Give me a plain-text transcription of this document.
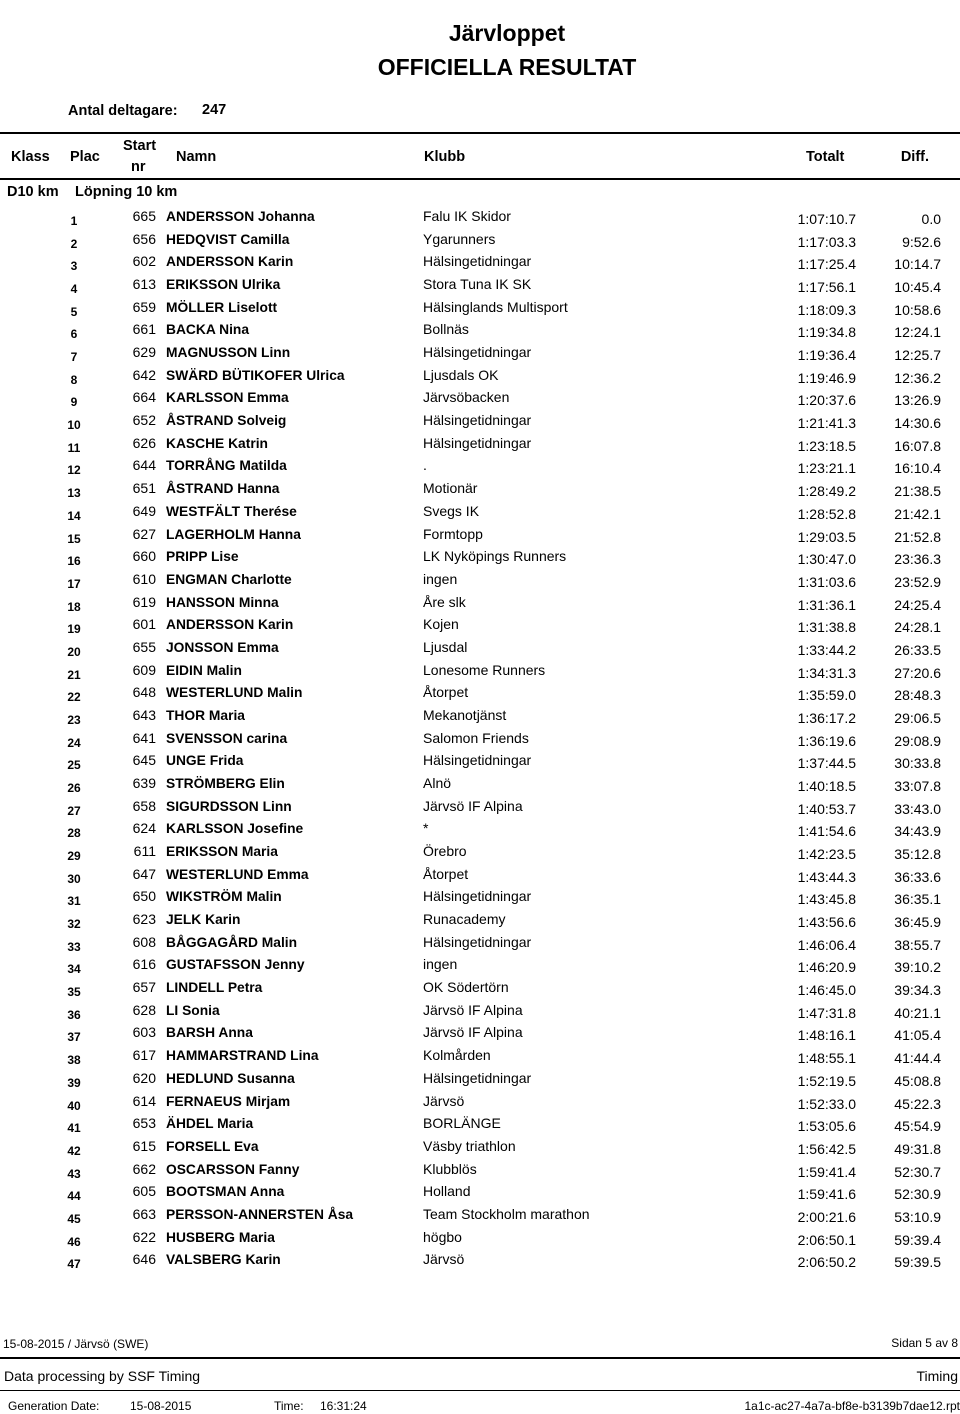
Järvloppet
OFFICIELLA RESULTAT
Antal deltagare: 247
Klass Plac
Start
nr
Namn	Klubb	Totalt	Diff.
D10 km Löpning 10 km
1	665 ANDERSSON Johanna	Falu IK Skidor	1:07:10.7	0.0
2	656 HEDQVIST Camilla	Ygarunners	1:17:03.3	9:52.6
3	602 ANDERSSON Karin	Hälsingetidningar	1:17:25.4	10:14.7
4	613 ERIKSSON Ulrika	Stora Tuna IK SK	1:17:56.1	10:45.4
5	659 MÖLLER Liselott	Hälsinglands Multisport	1:18:09.3	10:58.6
6	661 BACKA Nina	Bollnäs	1:19:34.8	12:24.1
7	629 MAGNUSSON Linn	Hälsingetidningar	1:19:36.4	12:25.7
8	642 SWÄRD BÜTIKOFER Ulrica	Ljusdals OK	1:19:46.9	12:36.2
9	664 KARLSSON Emma	Järvsöbacken	1:20:37.6	13:26.9
10	652 ÅSTRAND Solveig	Hälsingetidningar	1:21:41.3	14:30.6
11	626 KASCHE Katrin	Hälsingetidningar	1:23:18.5	16:07.8
12	644 TORRÅNG Matilda	.	1:23:21.1	16:10.4
13	651 ÅSTRAND Hanna	Motionär	1:28:49.2	21:38.5
14	649 WESTFÄLT Therése	Svegs IK	1:28:52.8	21:42.1
15	627 LAGERHOLM Hanna	Formtopp	1:29:03.5	21:52.8
16	660 PRIPP Lise	LK Nyköpings Runners	1:30:47.0	23:36.3
17	610 ENGMAN Charlotte	ingen	1:31:03.6	23:52.9
18	619 HANSSON Minna	Åre slk	1:31:36.1	24:25.4
19	601 ANDERSSON Karin	Kojen	1:31:38.8	24:28.1
20	655 JONSSON Emma	Ljusdal	1:33:44.2	26:33.5
21	609 EIDIN Malin	Lonesome Runners	1:34:31.3	27:20.6
22	648 WESTERLUND Malin	Åtorpet	1:35:59.0	28:48.3
23	643 THOR Maria	Mekanotjänst	1:36:17.2	29:06.5
24	641 SVENSSON carina	Salomon Friends	1:36:19.6	29:08.9
25	645 UNGE Frida	Hälsingetidningar	1:37:44.5	30:33.8
26	639 STRÖMBERG Elin	Alnö	1:40:18.5	33:07.8
27	658 SIGURDSSON Linn	Järvsö IF Alpina	1:40:53.7	33:43.0
28	624 KARLSSON Josefine	*	1:41:54.6	34:43.9
29	611 ERIKSSON Maria	Örebro	1:42:23.5	35:12.8
30	647 WESTERLUND Emma	Åtorpet	1:43:44.3	36:33.6
31	650 WIKSTRÖM Malin	Hälsingetidningar	1:43:45.8	36:35.1
32	623 JELK Karin	Runacademy	1:43:56.6	36:45.9
33	608 BÅGGAGÅRD Malin	Hälsingetidningar	1:46:06.4	38:55.7
34	616 GUSTAFSSON Jenny	ingen	1:46:20.9	39:10.2
35	657 LINDELL Petra	OK Södertörn	1:46:45.0	39:34.3
36	628 LI Sonia	Järvsö IF Alpina	1:47:31.8	40:21.1
37	603 BARSH Anna	Järvsö IF Alpina	1:48:16.1	41:05.4
38	617 HAMMARSTRAND Lina	Kolmården	1:48:55.1	41:44.4
39	620 HEDLUND Susanna	Hälsingetidningar	1:52:19.5	45:08.8
40	614 FERNAEUS Mirjam	Järvsö	1:52:33.0	45:22.3
41	653 ÄHDEL Maria	BORLÄNGE	1:53:05.6	45:54.9
42	615 FORSELL Eva	Väsby triathlon	1:56:42.5	49:31.8
43	662 OSCARSSON Fanny	Klubblös	1:59:41.4	52:30.7
44	605 BOOTSMAN Anna	Holland	1:59:41.6	52:30.9
45	663 PERSSON-ANNERSTEN Åsa	Team Stockholm marathon	2:00:21.6	53:10.9
46	622 HUSBERG Maria	högbo	2:06:50.1	59:39.4
47	646 VALSBERG Karin	Järvsö	2:06:50.2	59:39.5
15-08-2015 / Järvsö (SWE)	Sidan 5 av 8
Data processing by SSF Timing	Timing
Generation Date:	15-08-2015	Time: 16:31:24	1a1c-ac27-4a7a-bf8e-b3139b7dae12.rpt
